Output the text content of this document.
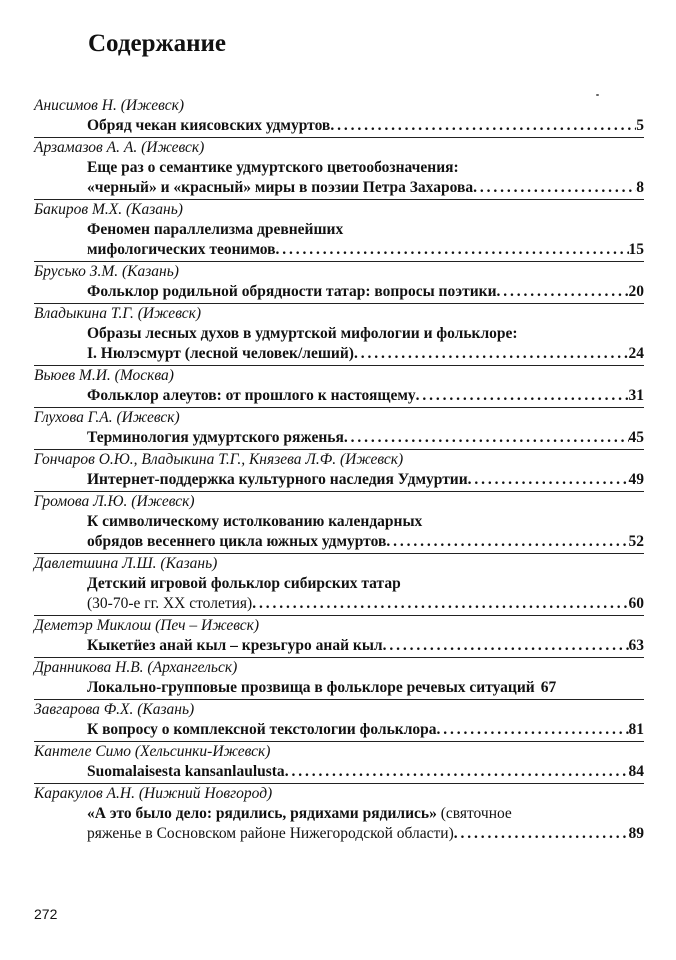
Содержание
Анисимов Н. (Ижевск)
Обряд чекан киясовских удмуртов . . .	5
Арзамазов А. А. (Ижевск)
Еще раз о семантике удмуртского цветообозначения:
«черный» и «красный» миры в поэзии Петра Захарова . . .	8
Бакиров М.Х. (Казань)
Феномен параллелизма древнейших
мифологических теонимов . . .	15
Брусько З.М. (Казань)
Фольклор родильной обрядности татар: вопросы поэтики . . .	20
Владыкина Т.Г. (Ижевск)
Образы лесных духов в удмуртской мифологии и фольклоре:
I. Нюлэсмурт (лесной человек/леший) . . .	24
Вьюев М.И. (Москва)
Фольклор алеутов: от прошлого к настоящему . . .	31
Глухова Г.А. (Ижевск)
Терминология удмуртского ряженья . . .	45
Гончаров О.Ю., Владыкина Т.Г., Князева Л.Ф. (Ижевск)
Интернет-поддержка культурного наследия Удмуртии . . .	49
Громова Л.Ю. (Ижевск)
К символическому истолкованию календарных
обрядов весеннего цикла южных удмуртов . . .	52
Давлетшина Л.Ш. (Казань)
Детский игровой фольклор сибирских татар
(30-70-е гг. XX столетия) . . .	60
Деметэр Миклош (Печ – Ижевск)
Кыкетӥез анай кыл – крезьгуро анай кыл . . .	63
Дранникова Н.В. (Архангельск)
Локально-групповые прозвища в фольклоре речевых ситуаций 67
Завгарова Ф.Х. (Казань)
К вопросу о комплексной текстологии фольклора . . .	81
Кантеле Симо (Хельсинки-Ижевск)
Suomalaisesta kansanlaulusta . . .	84
Каракулов А.Н. (Нижний Новгород)
«А это было дело: рядились, рядихами рядились» (святочное
ряженье в Сосновском районе Нижегородской области) . . .	89
272
